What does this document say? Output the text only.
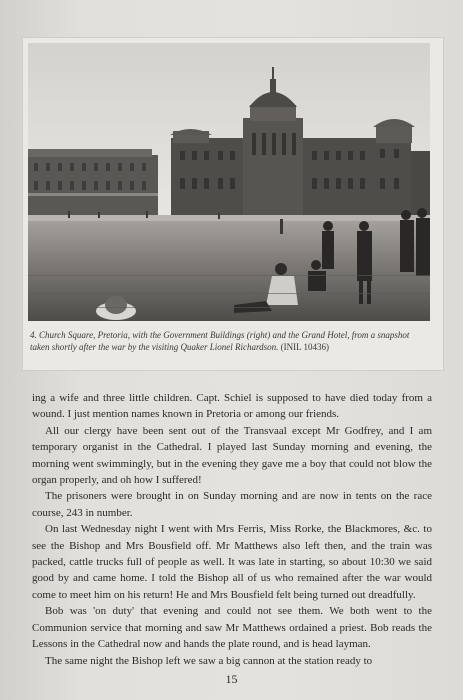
4. Church Square, Pretoria, with the Government Buildings (right) and the Grand Hotel, from a snapshot taken shortly after the war by the visiting Quaker Lionel Richardson. (INIL 10436)

ing a wife and three little children. Capt. Schiel is supposed to have died today from a wound. I just mention names known in Pretoria or among our friends.

All our clergy have been sent out of the Transvaal except Mr Godfrey, and I am temporary organist in the Cathedral. I played last Sunday morning and evening, the morning went swimmingly, but in the evening they gave me a boy that could not blow the organ properly, and oh how I suffered!

The prisoners were brought in on Sunday morning and are now in tents on the race course, 243 in number.

On last Wednesday night I went with Mrs Ferris, Miss Rorke, the Blackmores, &c. to see the Bishop and Mrs Bousfield off. Mr Matthews also left then, and the train was packed, cattle trucks full of people as well. It was late in starting, so about 10:30 we said good by and came home. I told the Bishop all of us who remained after the war would come to meet him on his return! He and Mrs Bousfield felt being turned out dreadfully.

Bob was 'on duty' that evening and could not see them. We both went to the Communion service that morning and saw Mr Matthews ordained a priest. Bob reads the Lessons in the Cathedral now and hands the plate round, and is head layman.

The same night the Bishop left we saw a big cannon at the station ready to

15
